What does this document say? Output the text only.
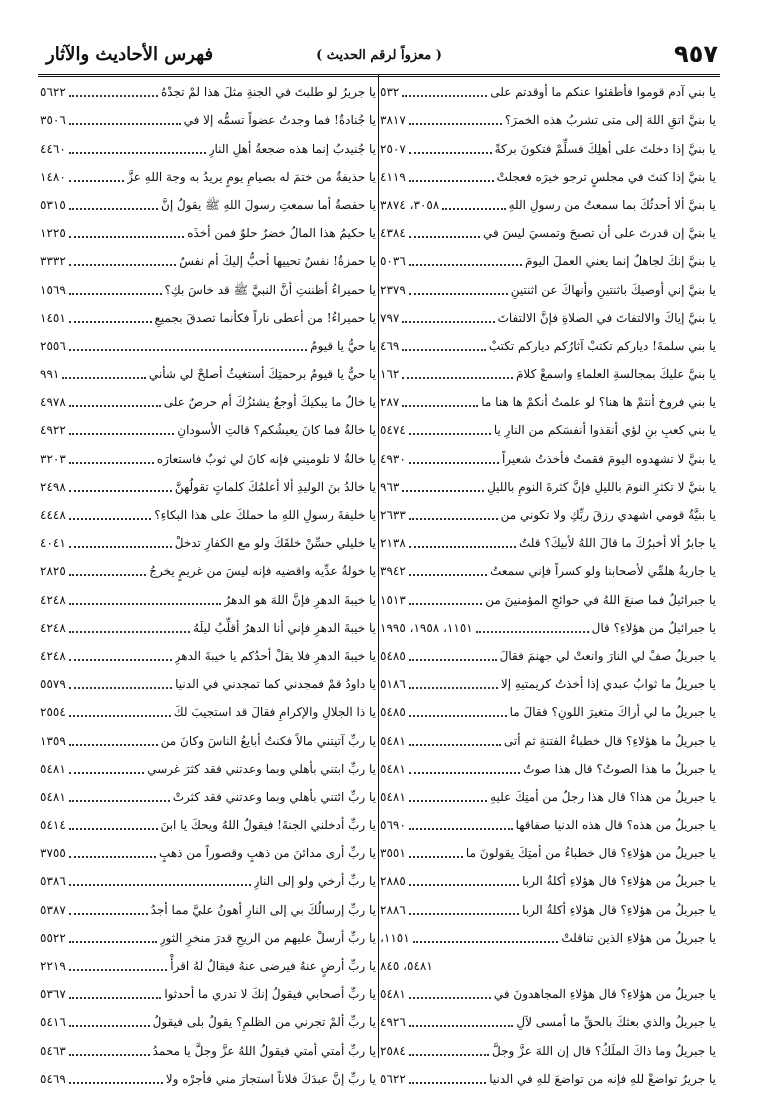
٩٥٧
( معزواً لرقم الحديث )
فهرس الأحاديث والآثار
يا بني آدم قوموا فأطفئوا عنكم ما أوقدتم على
٥٣٢
يا بنيَّ اتقِ اللهَ إلى متى تشربُ هذه الخمرَ؟
٣٨١٧
يا بنيَّ إذا دخلتَ على أهلِكَ فسلِّمْ فتكونَ بركةً
٢٥٠٧
يا بنيَّ إذا كنتَ في مجلسٍ ترجو خيرَه فعجلتْ
٤١١٩
يا بنيَّ ألا أحدثُكَ بما سمعتُ من رسولِ اللهِ
٣٠٥٨، ٣٨٧٤
يا بنيَّ إن قدرتَ على أن تصبحَ وتمسيَ ليسَ في
٤٣٨٤
يا بنيَّ إنكَ لجاهلٌ إنما يعني العملَ اليومَ
٥٠٣٦
يا بنيَّ إني أوصيكَ باثنتينِ وأنهاكَ عن اثنتينِ
٢٣٧٩
يا بنيَّ إياكَ والالتفاتَ في الصلاةِ فإنَّ الالتفاتَ
٧٩٧
يا بني سلمةَ! دياركم تكتبْ آثارُكم دياركم تكتبْ
٤٦٩
يا بنيَّ عليكَ بمجالسةِ العلماءِ واسمعْ كلامَ
١٦٢
يا بني فروخ أنتمْ ها هنا؟ لو علمتُ أنكمْ ها هنا ما
٢٨٧
يا بني كعبِ بنِ لؤي أنقذوا أنفسَكم من النارِ يا
٥٤٧٤
يا بنيَّ لا تشهدوه اليومَ فقمتُ فأخذتُ شعيراً
٤٩٣٠
يا بنيَّ لا تكثرِ النومَ بالليلِ فإنَّ كثرةَ النومِ بالليلِ
٩٦٣
يا بنيَّةُ قومي اشهدي رزقَ ربِّكِ ولا تكوني من
٢٦٣٣
يا جابرُ ألا أخبرُكَ ما قالَ اللهُ لأبيكَ؟ قلتُ
٢١٣٨
يا جاريةُ هلمِّي لأصحابنا ولو كسراً فإني سمعتُ
٣٩٤٢
يا جبرائيلُ فما صنعَ اللهُ في حوائجِ المؤمنينَ من
١٥١٣
يا جبرائيلُ من هؤلاءِ؟ قال
١١٥١، ١٩٥٨، ١٩٩٥
يا جبريلُ صفْ لي النارَ وانعتْ لي جهنمَ فقالَ
٥٤٨٥
يا جبريلُ ما ثوابُ عبدي إذا أخذتُ كريمتيهِ إلا
٥١٨٦
يا جبريلُ ما لي أراكَ متغيرَ اللونِ؟ فقالَ ما
٥٤٨٥
يا جبريلُ ما هؤلاءِ؟ قال خطباءُ الفتنةِ ثم أتى
٥٤٨١
يا جبريلُ ما هذا الصوتُ؟ قال هذا صوتٌ
٥٤٨١
يا جبريلُ من هذا؟ قال هذا رجلٌ من أمتِكَ عليهِ
٥٤٨١
يا جبريلُ من هذه؟ قال هذه الدنيا صفاقها
٥٦٩٠
يا جبريلُ من هؤلاءِ؟ قال خطباءُ من أمتِكَ يقولونَ ما
٣٥٥١
يا جبريلُ من هؤلاءِ؟ قال هؤلاءِ أكلةُ الربا
٢٨٨٥
يا جبريلُ من هؤلاءِ؟ قال هؤلاءِ أكلةُ الربا
٢٨٨٦
يا جبريلُ من هؤلاءِ الذين تناقلتْ
١١٥١،
٥٤٨١، ٨٤٥
يا جبريلُ من هؤلاءِ؟ قال هؤلاءِ المجاهدونَ في
٥٤٨١
يا جبريلُ والذي بعثكَ بالحقِّ ما أمسى لآلِ
٤٩٢٦
يا جبريلُ وما ذاكَ الملَكُ؟ قال إن اللهَ عزَّ وجلَّ
٢٥٨٤
يا جريرُ تواضعْ للهِ فإنه من تواضعَ للهِ في الدنيا
٥٦٢٢
يا جريرُ لو طلبتَ في الجنةِ مثلَ هذا لمْ تجدْهُ
٥٦٢٢
يا جُنادةُ! فما وجدتُ عضواً تسمُّه إلا في
٣٥٠٦
يا جُنيدبُ إنما هذه ضجعةُ أهلِ النارِ
٤٤٦٠
يا حذيفةُ من ختمَ له بصيامِ يومٍ يريدُ به وجهَ اللهِ عزَّ
١٤٨٠
يا حفصةُ أما سمعتِ رسولَ اللهِ ﷺ يقولُ إنَّ
٥٣١٥
يا حكيمُ هذا المالُ خضرٌ حلوٌ فمن أخذَه
١٢٢٥
يا حمزةُ! نفسٌ تحييها أحبُّ إليكَ أم نفسٌ
٣٣٣٢
يا حميراءُ أظننتِ أنَّ النبيَّ ﷺ قد خاسَ بكِ؟
١٥٦٩
يا حميراءُ! من أعطى ناراً فكأنما تصدقَ بجميعِ
١٤٥١
يا حيُّ يا قيومُ
٢٥٥٦
يا حيُّ يا قيومُ برحمتِكَ أستغيثُ أصلحْ لي شأني
٩٩١
يا خالُ ما يبكيكَ أوجعٌ يشئزُكَ أم حرصٌ على
٤٩٧٨
يا خالةُ فما كانَ يعيشُكم؟ قالتِ الأسودانِ
٤٩٢٢
يا خالةُ لا تلوميني فإنه كانَ لي ثوبٌ فاستعارَه
٣٢٠٣
يا خالدُ بنَ الوليدِ ألا أعلمُكَ كلماتٍ تقولُهنَّ
٢٤٩٨
يا خليفةَ رسولِ اللهِ ما حملكَ على هذا البكاءِ؟
٤٤٤٨
يا خليلي حسِّنْ خلقَكَ ولو مع الكفارِ تدخلْ
٤٠٤١
يا خولةُ عدِّيه واقضيه فإنه ليسَ من غريمٍ يخرجُ
٢٨٢٥
يا خيبةَ الدهرِ فإنَّ اللهَ هو الدهرُ
٤٢٤٨
يا خيبةَ الدهرِ فإني أنا الدهرُ أقلِّبُ ليلَهُ
٤٢٤٨
يا خيبةَ الدهرِ فلا يقلْ أحدُكم يا خيبةَ الدهرِ
٤٢٤٨
يا داودُ قمْ فمجدني كما تمجدني في الدنيا
٥٥٧٩
يا ذا الجلالِ والإكرامِ فقالَ قد استجيبَ لكَ
٢٥٥٤
يا ربِّ آتيتني مالاً فكنتُ أبايعُ الناسَ وكانَ من
١٣٥٩
يا ربِّ ابتني بأهلي وبما وعدتني فقد كثرَ غرسي
٥٤٨١
يا ربِّ ائتني بأهلي وبما وعدتني فقد كثرتْ
٥٤٨١
يا ربِّ أدخلني الجنةَ! فيقولُ اللهُ ويحكَ يا ابنَ
٥٤١٤
يا ربِّ أرى مدائنَ من ذهبٍ وقصوراً من ذهبٍ
٣٧٥٥
يا ربِّ أرخي ولو إلى النارِ
٥٣٨٦
يا ربِّ إرسالُكَ بي إلى النارِ أهونُ عليَّ مما أجدُ
٥٣٨٧
يا ربِّ أرسلْ عليهم من الريحِ قدرَ منخرِ الثورِ
٥٥٢٢
يا ربِّ أرضٍ عنهُ فيرضى عنهُ فيقالُ لهُ اقرأْ
٢٢١٩
يا ربِّ أصحابي فيقولُ إنكَ لا تدري ما أحدثوا
٥٣٦٧
يا ربِّ ألمْ تجرني من الظلمِ؟ يقولُ بلى فيقولُ
٥٤١٦
يا ربِّ أمتي أمتي فيقولُ اللهُ عزَّ وجلَّ يا محمدُ
٥٤٦٣
يا ربِّ إنَّ عبدَكَ فلاناً استجارَ مني فأجرْه ولا
٥٤٦٩
